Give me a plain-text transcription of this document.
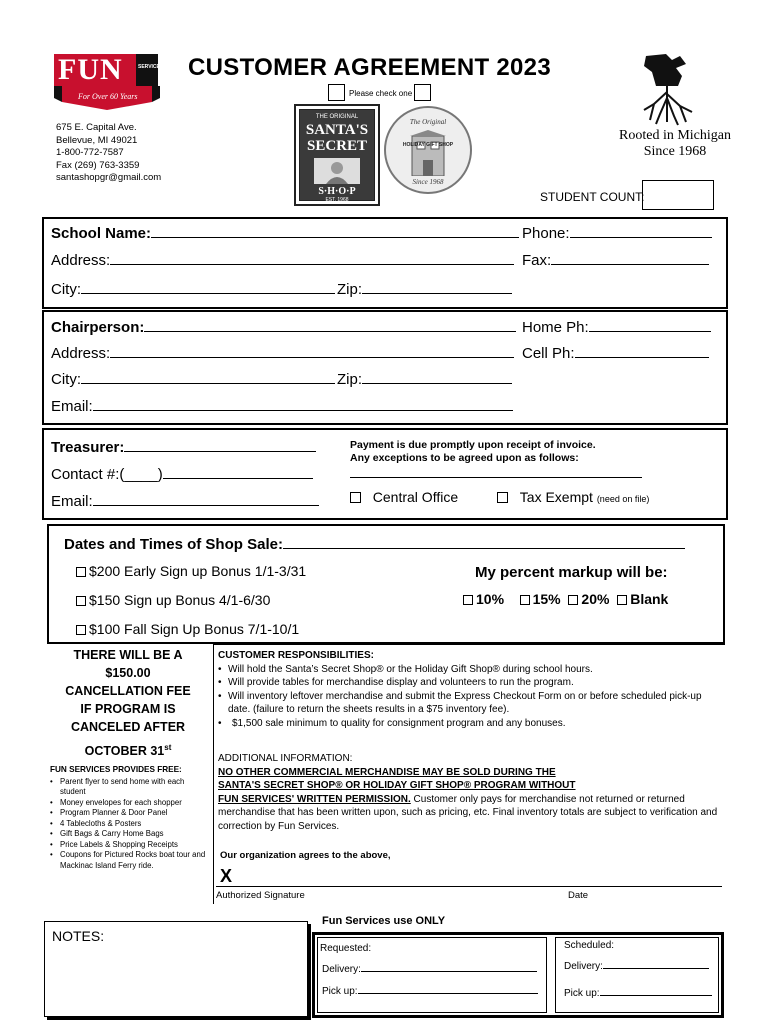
FUN	SERVICES
For Over 60 Years
CUSTOMER AGREEMENT 2023
Please check one
675 E. Capital Ave.
Bellevue, MI 49021
1-800-772-7587
Fax (269) 763-3359
santashopgr@gmail.com
THE ORIGINAL
SANTA'S
SECRET
S·H·O·P
EST. 1968
The Original
HOLIDAY GIFT SHOP
Since 1968
Rooted in Michigan
Since 1968
STUDENT COUNT:
School Name:	Phone:
Address:	Fax:
City:	Zip:
Chairperson:	Home Ph:
Address:	Cell Ph:
City:	Zip:
Email:
Treasurer:
Contact #:(____)
Email:
Payment is due promptly upon receipt of invoice.
Any exceptions to be agreed upon as follows:
Central Office	Tax Exempt (need on file)
Dates and Times of Shop Sale:
$200 Early Sign up Bonus 1/1-3/31
$150 Sign up Bonus 4/1-6/30
$100 Fall Sign Up Bonus 7/1-10/1
My percent markup will be:
10% 15% 20% Blank
THERE WILL BE A
$150.00
CANCELLATION FEE
IF PROGRAM IS
CANCELED AFTER
OCTOBER 31st
FUN SERVICES PROVIDES FREE:
• Parent flyer to send home with each student
• Money envelopes for each shopper
• Program Planner & Door Panel
• 4 Tablecloths & Posters
• Gift Bags & Carry Home Bags
• Price Labels & Shopping Receipts
• Coupons for Pictured Rocks boat tour and Mackinac Island Ferry ride.
CUSTOMER RESPONSIBILITIES:
• Will hold the Santa’s Secret Shop® or the Holiday Gift Shop® during school hours.
• Will provide tables for merchandise display and volunteers to run the program.
• Will inventory leftover merchandise and submit the Express Checkout Form on or before scheduled pick-up date. (failure to return the sheets results in a $75 inventory fee).
• $1,500 sale minimum to quality for consignment program and any bonuses.
ADDITIONAL INFORMATION:
NO OTHER COMMERCIAL MERCHANDISE MAY BE SOLD DURING THE
SANTA'S SECRET SHOP® OR HOLIDAY GIFT SHOP® PROGRAM WITHOUT
FUN SERVICES' WRITTEN PERMISSION. Customer only pays for merchandise not returned or returned merchandise that has been written upon, such as pricing, etc. Final inventory totals are subject to verification and correction by Fun Services.
Our organization agrees to the above,
X
Authorized Signature	Date
NOTES:
Fun Services use ONLY
Requested:
Delivery:
Pick up:
Scheduled:
Delivery:
Pick up:
